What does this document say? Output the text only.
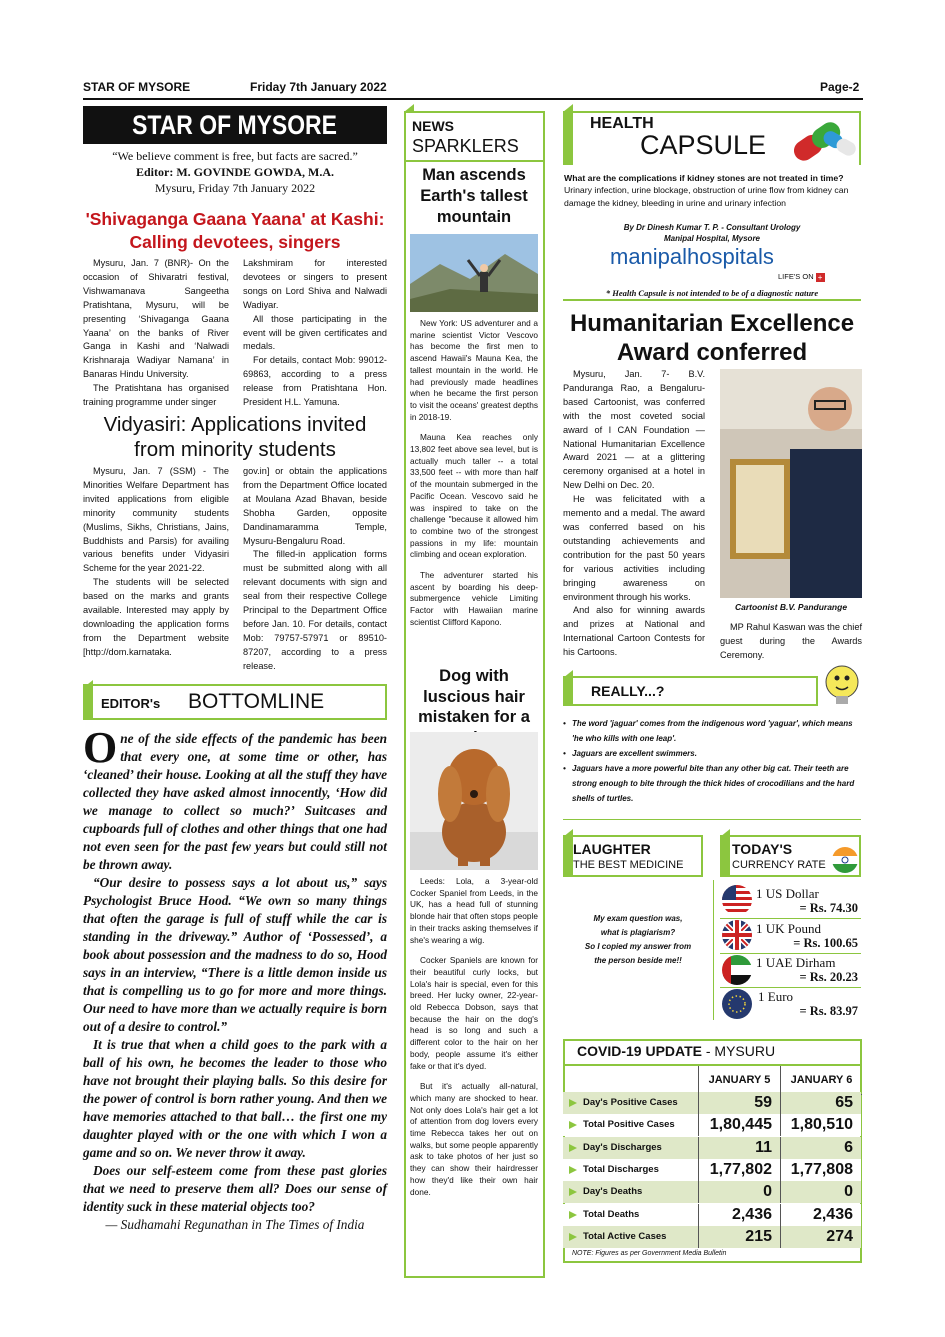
STAR OF MYSORE	Friday 7th January 2022	Page-2
STAR OF MYSORE
“We believe comment is free, but facts are sacred.”
Editor: M. GOVINDE GOWDA, M.A.
Mysuru, Friday 7th January 2022
'Shivaganga Gaana Yaana' at Kashi: Calling devotees, singers

Mysuru, Jan. 7 (BNR)- On the occasion of Shivaratri festival, Vishwamanava Sangeetha Pratishtana, Mysuru, will be presenting ‘Shivaganga Gaana Yaana’ on the banks of River Ganga in Kashi and ‘Nalwadi Krishnaraja Wadiyar Namana’ in Banaras Hindu University.

The Pratishtana has organised training programme under singer

Lakshmiram for interested devotees or singers to present songs on Lord Shiva and Nalwadi Wadiyar.

All those participating in the event will be given certificates and medals.

For details, contact Mob: 99012-69863, according to a press release from Pratishtana Hon. President H.L. Yamuna.

Vidyasiri: Applications invited from minority students

Mysuru, Jan. 7 (SSM) - The Minorities Welfare Department has invited applications from eligible minority community students (Muslims, Sikhs, Christians, Jains, Buddhists and Parsis) for availing various benefits under Vidyasiri Scheme for the year 2021-22.

The students will be selected based on the marks and grants available. Interested may apply by downloading the application forms from the Department website [http://dom.karnataka.

gov.in] or obtain the applications from the Department Office located at Moulana Azad Bhavan, beside Shobha Garden, opposite Dandinamaramma Temple, Mysuru-Bengaluru Road.

The filled-in application forms must be submitted along with all relevant documents with sign and seal from their respective College Principal to the Department Office before Jan. 10. For details, contact Mob: 79757-57971 or 89510-87207, according to a press release.

EDITOR's BOTTOMLINE

One of the side effects of the pandemic has been that every one, at some time or other, has ‘cleaned’ their house. Looking at all the stuff they have collected they have asked almost innocently, ‘How did we manage to collect so much?’ Suitcases and cupboards full of clothes and other things that one had not even seen for the past few years but could still not be thrown away.

“Our desire to possess says a lot about us,” says Psychologist Bruce Hood. “We own so many things that often the garage is full of stuff while the car is standing in the driveway.” Author of ‘Possessed’, a book about possession and the madness to do so, Hood says in an interview, “There is a little demon inside us that is compelling us to go for more and more things. Our need to have more than we actually require is born out of a desire to control.”

It is true that when a child goes to the park with a ball of his own, he becomes the leader to those who have not brought their playing balls. So this desire for the power of control is born rather young. And then we have memories attached to that ball… the first one my daughter played with or the one with which I won a game and so on. We never throw it away.

Does our self-esteem come from these past glories that we need to preserve them all? Does our sense of identity suck in these material objects too?

— Sudhamahi Regunathan in The Times of India

NEWS
SPARKLERS
Man ascends Earth's tallest mountain

New York: US adventurer and a marine scientist Victor Vescovo has become the first men to ascend Hawaii's Mauna Kea, the tallest mountain in the world. He had previously made headlines when he became the first person to visit the oceans' greatest depths in 2018-19.

Mauna Kea reaches only 13,802 feet above sea level, but is actually much taller -- a total 33,500 feet -- with more than half of the mountain submerged in the Pacific Ocean. Vescovo said he was inspired to take on the challenge "because it allowed him to combine two of the strongest passions in my life: mountain climbing and ocean exploration.

The adventurer started his ascent by boarding his deep-submergence vehicle Limiting Factor with Hawaiian marine scientist Clifford Kapono.

Dog with luscious hair mistaken for a

Leeds: Lola, a 3-year-old Cocker Spaniel from Leeds, in the UK, has a head full of stunning blonde hair that often stops people in their tracks asking themselves if she's wearing a wig.

Cocker Spaniels are known for their beautiful curly locks, but Lola's hair is special, even for this breed. Her lucky owner, 22-year-old Rebecca Dobson, says that because the hair on the dog's head is so long and such a different color to the hair on her body, people assume it's either fake or that it's dyed.

But it's actually all-natural, which many are shocked to hear. Not only does Lola's hair get a lot of attention from dog lovers every time Rebecca takes her out on walks, but some people apparently ask to take photos of her just so they can show their hairdresser how they'd like their own hair done.

HEALTH
CAPSULE
What are the complications if kidney stones are not treated in time?
Urinary infection, urine blockage, obstruction of urine flow from kidney can damage the kidney, bleeding in urine and urinary infection
By Dr Dinesh Kumar T. P. - Consultant Urology
Manipal Hospital, Mysore
manipalhospitals
LIFE'S ON +
* Health Capsule is not intended to be of a diagnostic nature
Humanitarian Excellence Award conferred

Mysuru, Jan. 7- B.V. Panduranga Rao, a Bengaluru-based Cartoonist, was conferred with the most coveted social award of I CAN Foundation — National Humanitarian Excellence Award 2021 — at a glittering ceremony organised at a hotel in New Delhi on Dec. 20.

He was felicitated with a memento and a medal. The award was conferred based on his outstanding achievements and contribution for the past 50 years for various activities including bringing awareness on environment through his works.

And also for winning awards and prizes at National and International Cartoon Contests for his Cartoons.

Cartoonist B.V. Pandurange
MP Rahul Kaswan was the chief guest during the Awards Ceremony.
REALLY...?
• The word 'jaguar' comes from the indigenous word 'yaguar', which means 'he who kills with one leap'.
• Jaguars are excellent swimmers.
• Jaguars have a more powerful bite than any other big cat. Their teeth are strong enough to bite through the thick hides of crocodilians and the hard shells of turtles.
LAUGHTER
THE BEST MEDICINE
My exam question was,
what is plagiarism?
So I copied my answer from
the person beside me!!
TODAY'S
CURRENCY RATE
1 US Dollar
= Rs. 74.30
1 UK Pound
= Rs. 100.65
1 UAE Dirham
= Rs. 20.23
1 Euro
= Rs. 83.97
COVID-19 UPDATE - MYSURU
JANUARY 5	JANUARY 6
Day's Positive Cases	59	65
Total Positive Cases	1,80,445	1,80,510
Day's Discharges	11	6
Total Discharges	1,77,802	1,77,808
Day's Deaths	0	0
Total Deaths	2,436	2,436
Total Active Cases	215	274
NOTE: Figures as per Government Media Bulletin
